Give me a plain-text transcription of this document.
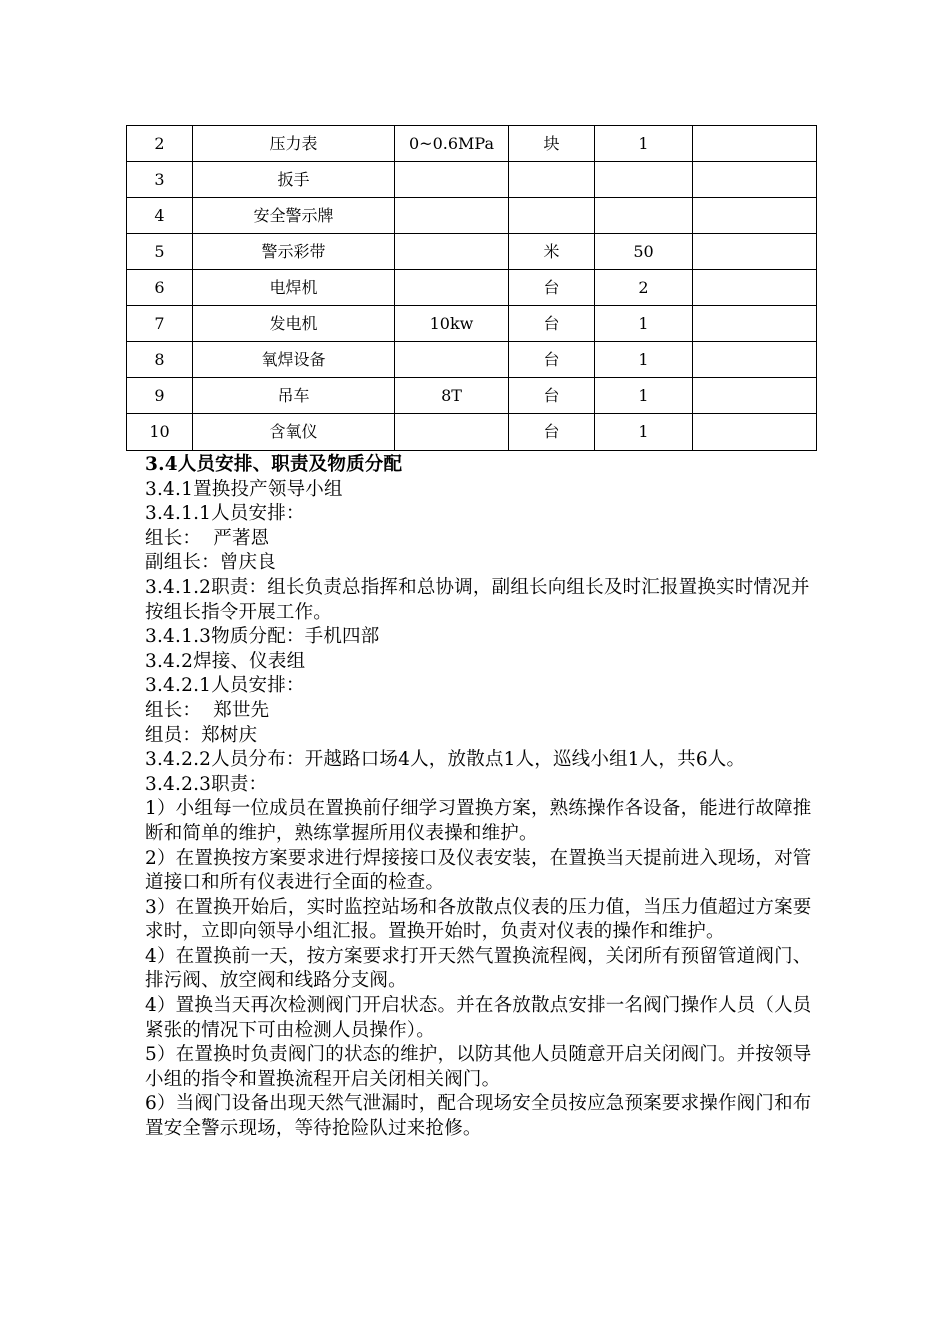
2	压力表	0~0.6MPa	块	1	
3	扳手				
4	安全警示牌				
5	警示彩带		米	50	
6	电焊机		台	2	
7	发电机	10kw	台	1	
8	氧焊设备		台	1	
9	吊车	8T	台	1	
10	含氧仪		台	1	

3.4人员安排、职责及物质分配

3.4.1置换投产领导小组

3.4.1.1人员安排：

组长：  严著恩

副组长：曾庆良

3.4.1.2职责：组长负责总指挥和总协调，副组长向组长及时汇报置换实时情况并按组长指令开展工作。

3.4.1.3物质分配：手机四部

3.4.2焊接、仪表组

3.4.2.1人员安排：

组长：  郑世先

组员：郑树庆

3.4.2.2人员分布：开越路口场4人，放散点1人，巡线小组1人，共6人。

3.4.2.3职责：

1）小组每一位成员在置换前仔细学习置换方案，熟练操作各设备，能进行故障推断和简单的维护，熟练掌握所用仪表操和维护。

2）在置换按方案要求进行焊接接口及仪表安装，在置换当天提前进入现场，对管道接口和所有仪表进行全面的检查。

3）在置换开始后，实时监控站场和各放散点仪表的压力值，当压力值超过方案要求时，立即向领导小组汇报。置换开始时，负责对仪表的操作和维护。

4）在置换前一天，按方案要求打开天然气置换流程阀，关闭所有预留管道阀门、排污阀、放空阀和线路分支阀。

4）置换当天再次检测阀门开启状态。并在各放散点安排一名阀门操作人员（人员紧张的情况下可由检测人员操作）。

5）在置换时负责阀门的状态的维护，以防其他人员随意开启关闭阀门。并按领导小组的指令和置换流程开启关闭相关阀门。

6）当阀门设备出现天然气泄漏时，配合现场安全员按应急预案要求操作阀门和布置安全警示现场，等待抢险队过来抢修。
